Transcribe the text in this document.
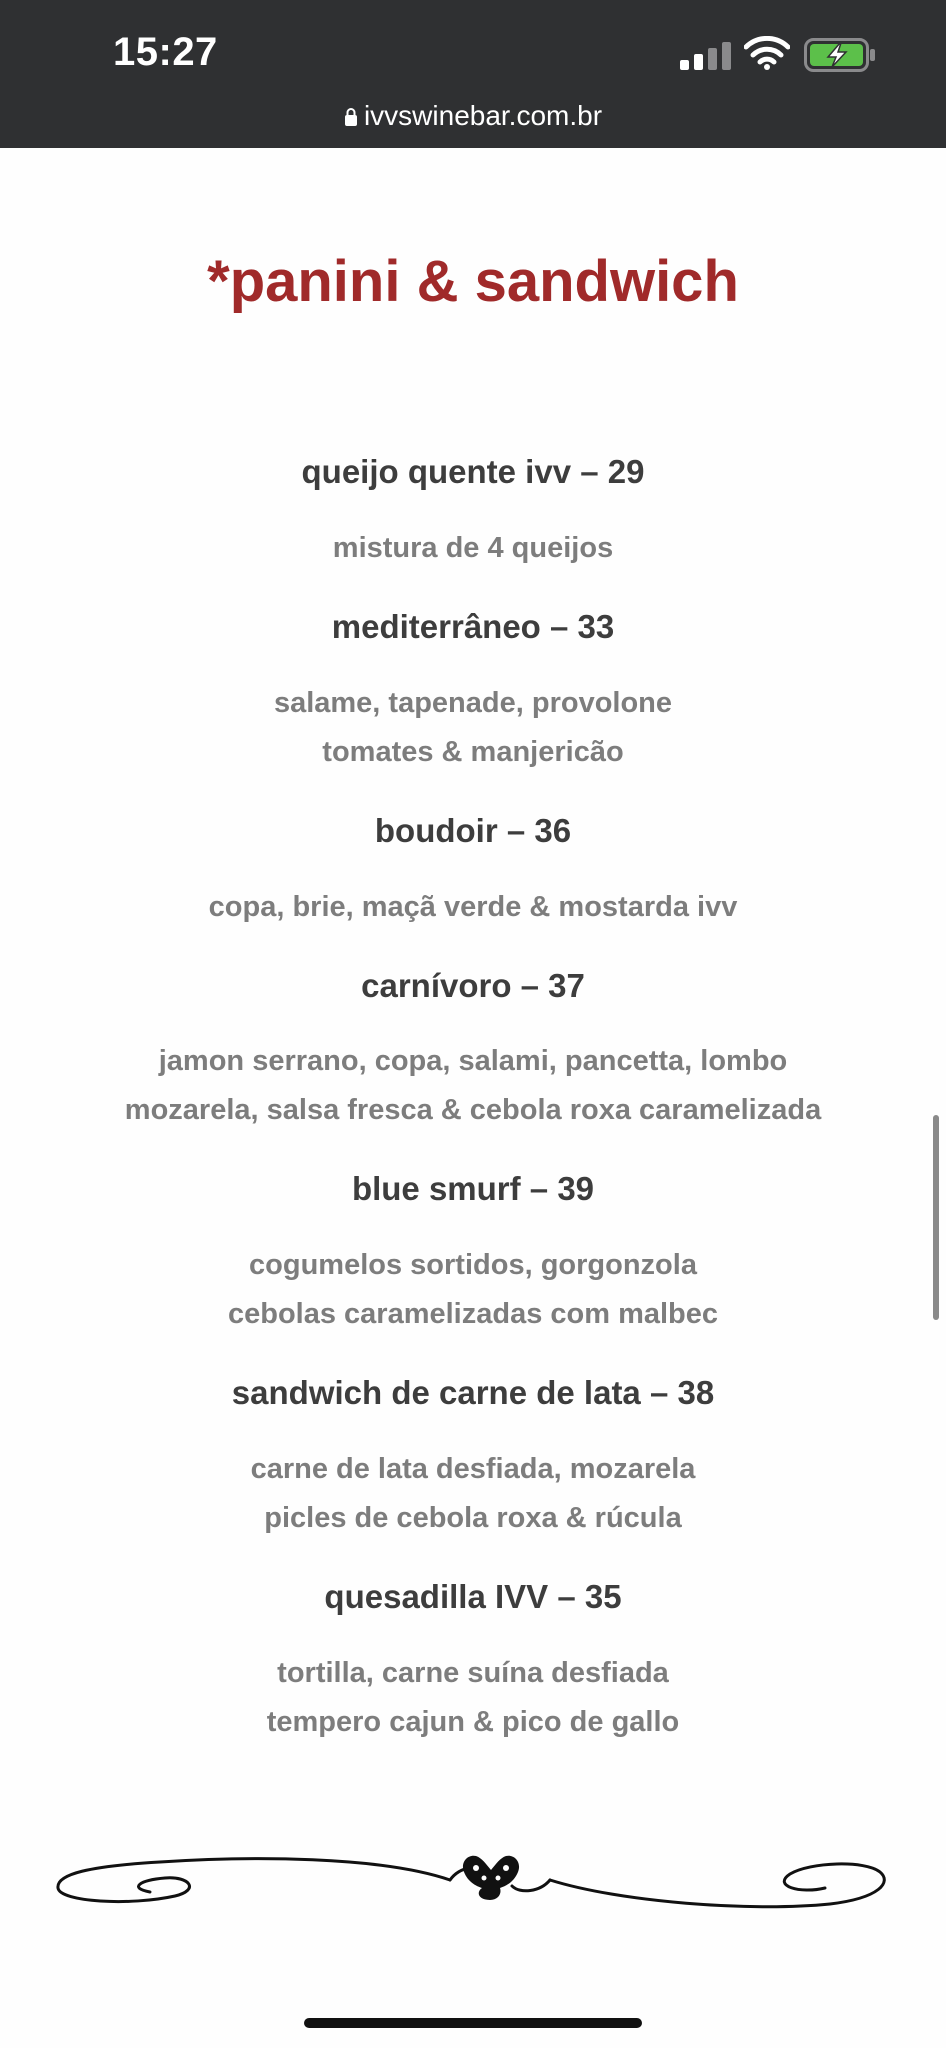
15:27
ivvswinebar.com.br
*panini & sandwich
queijo quente ivv – 29
mistura de 4 queijos
mediterrâneo – 33
salame, tapenade, provolone
tomates & manjericão
boudoir – 36
copa, brie, maçã verde & mostarda ivv
carnívoro – 37
jamon serrano, copa, salami, pancetta, lombo
mozarela, salsa fresca & cebola roxa caramelizada
blue smurf – 39
cogumelos sortidos, gorgonzola
cebolas caramelizadas com malbec
sandwich de carne de lata – 38
carne de lata desfiada, mozarela
picles de cebola roxa & rúcula
quesadilla IVV – 35
tortilla, carne suína desfiada
tempero cajun & pico de gallo
